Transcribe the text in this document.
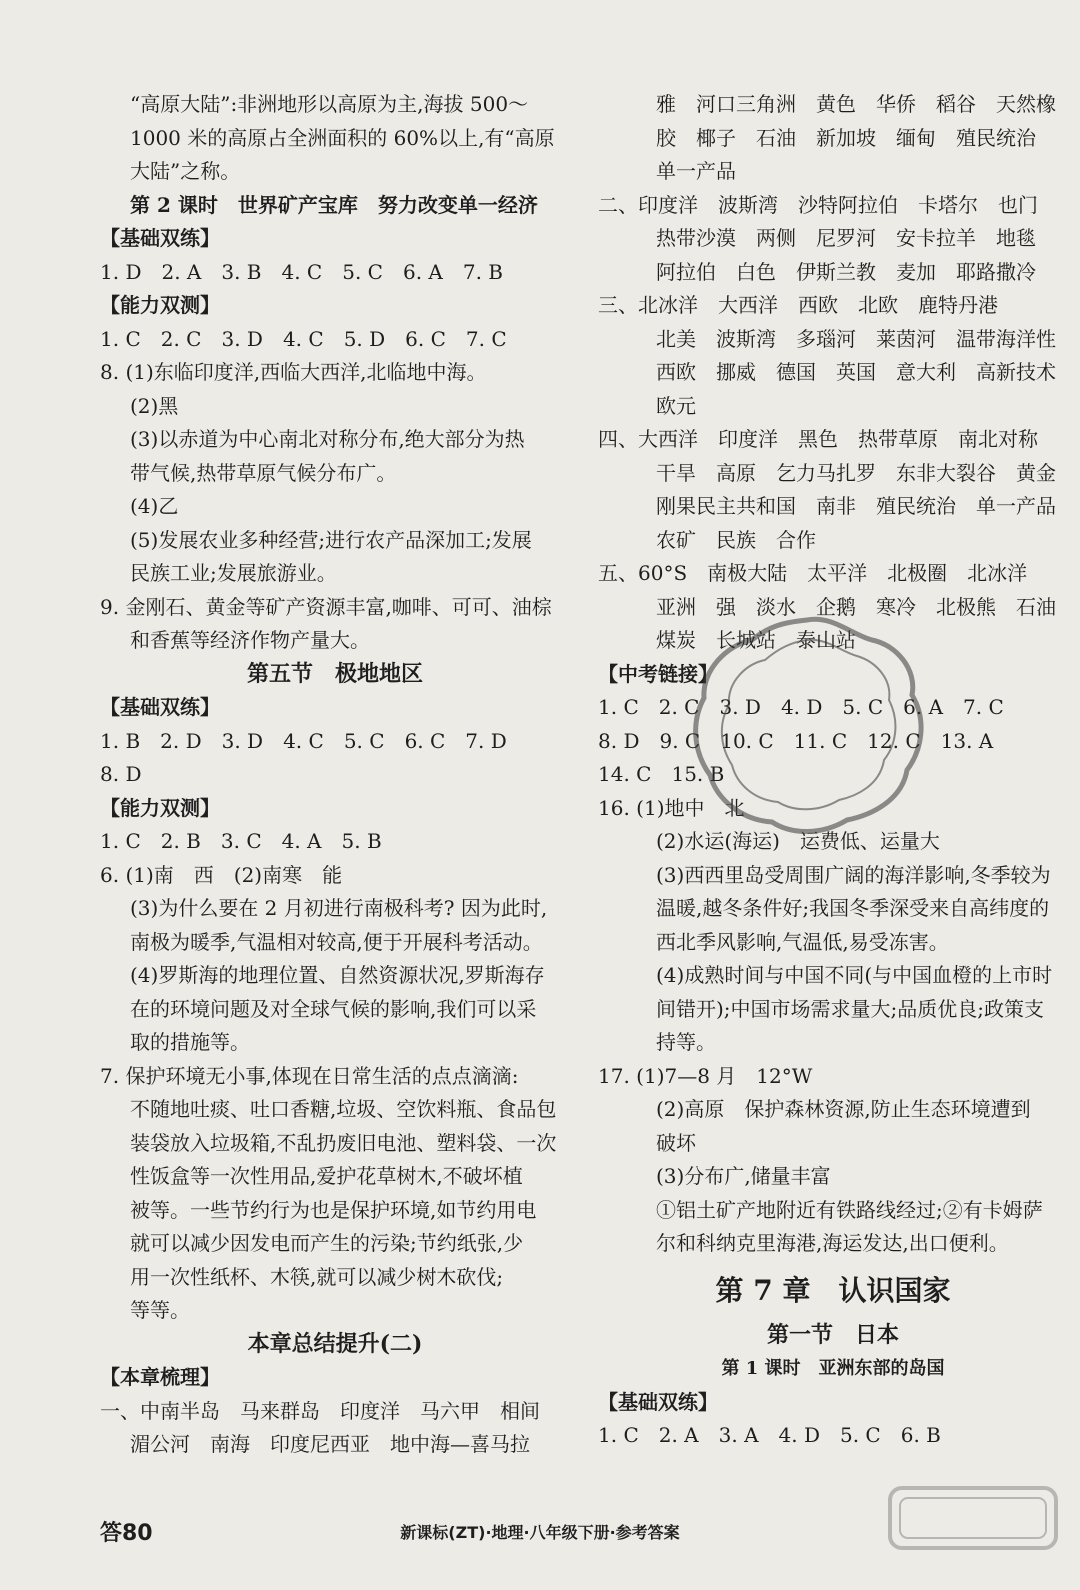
“高原大陆”:非洲地形以高原为主,海拔 500～
1000 米的高原占全洲面积的 60%以上,有“高原
大陆”之称。
第 2 课时　世界矿产宝库　努力改变单一经济
【基础双练】
1. D　2. A　3. B　4. C　5. C　6. A　7. B
【能力双测】
1. C　2. C　3. D　4. C　5. D　6. C　7. C
8. (1)东临印度洋,西临大西洋,北临地中海。
(2)黑
(3)以赤道为中心南北对称分布,绝大部分为热
带气候,热带草原气候分布广。
(4)乙
(5)发展农业多种经营;进行农产品深加工;发展
民族工业;发展旅游业。
9. 金刚石、黄金等矿产资源丰富,咖啡、可可、油棕
和香蕉等经济作物产量大。
第五节　极地地区
【基础双练】
1. B　2. D　3. D　4. C　5. C　6. C　7. D
8. D
【能力双测】
1. C　2. B　3. C　4. A　5. B
6. (1)南　西　(2)南寒　能
(3)为什么要在 2 月初进行南极科考? 因为此时,
南极为暖季,气温相对较高,便于开展科考活动。
(4)罗斯海的地理位置、自然资源状况,罗斯海存
在的环境问题及对全球气候的影响,我们可以采
取的措施等。
7. 保护环境无小事,体现在日常生活的点点滴滴:
不随地吐痰、吐口香糖,垃圾、空饮料瓶、食品包
装袋放入垃圾箱,不乱扔废旧电池、塑料袋、一次
性饭盒等一次性用品,爱护花草树木,不破坏植
被等。一些节约行为也是保护环境,如节约用电
就可以减少因发电而产生的污染;节约纸张,少
用一次性纸杯、木筷,就可以减少树木砍伐;
等等。
本章总结提升(二)
【本章梳理】
一、中南半岛　马来群岛　印度洋　马六甲　相间
湄公河　南海　印度尼西亚　地中海—喜马拉
雅　河口三角洲　黄色　华侨　稻谷　天然橡
胶　椰子　石油　新加坡　缅甸　殖民统治
单一产品
二、印度洋　波斯湾　沙特阿拉伯　卡塔尔　也门
热带沙漠　两侧　尼罗河　安卡拉羊　地毯
阿拉伯　白色　伊斯兰教　麦加　耶路撒冷
三、北冰洋　大西洋　西欧　北欧　鹿特丹港
北美　波斯湾　多瑙河　莱茵河　温带海洋性
西欧　挪威　德国　英国　意大利　高新技术
欧元
四、大西洋　印度洋　黑色　热带草原　南北对称
干旱　高原　乞力马扎罗　东非大裂谷　黄金
刚果民主共和国　南非　殖民统治　单一产品
农矿　民族　合作
五、60°S　南极大陆　太平洋　北极圈　北冰洋
亚洲　强　淡水　企鹅　寒冷　北极熊　石油
煤炭　长城站　泰山站
【中考链接】
1. C　2. C　3. D　4. D　5. C　6. A　7. C
8. D　9. C　10. C　11. C　12. C　13. A
14. C　15. B
16. (1)地中　北
(2)水运(海运)　运费低、运量大
(3)西西里岛受周围广阔的海洋影响,冬季较为
温暖,越冬条件好;我国冬季深受来自高纬度的
西北季风影响,气温低,易受冻害。
(4)成熟时间与中国不同(与中国血橙的上市时
间错开);中国市场需求量大;品质优良;政策支
持等。
17. (1)7—8 月　12°W
(2)高原　保护森林资源,防止生态环境遭到
破坏
(3)分布广,储量丰富
①铝土矿产地附近有铁路线经过;②有卡姆萨
尔和科纳克里海港,海运发达,出口便利。
第 7 章　认识国家
第一节　日本
第 1 课时　亚洲东部的岛国
【基础双练】
1. C　2. A　3. A　4. D　5. C　6. B
答80	新课标(ZT)·地理·八年级下册·参考答案
